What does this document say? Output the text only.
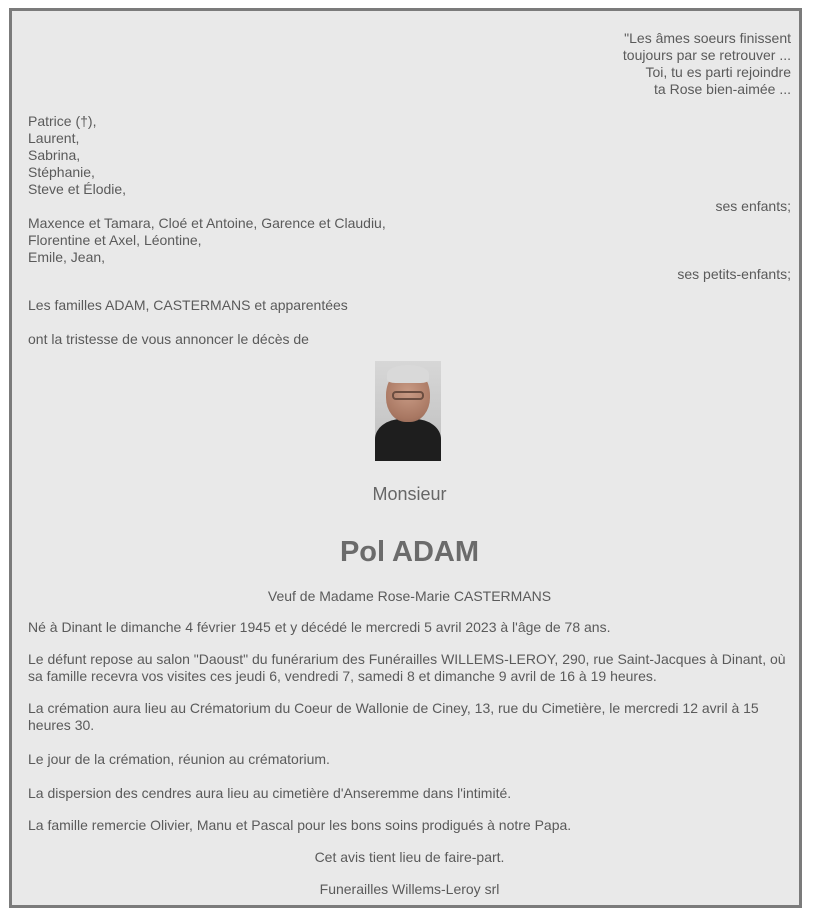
"Les âmes soeurs finissent
toujours par se retrouver ...
Toi, tu es parti rejoindre
ta Rose bien-aimée ...
Patrice (†),
Laurent,
Sabrina,
Stéphanie,
Steve et Élodie,
ses enfants;
Maxence et Tamara, Cloé et Antoine, Garence et Claudiu,
Florentine et Axel, Léontine,
Emile, Jean,
ses petits-enfants;
Les familles ADAM, CASTERMANS et apparentées
ont la tristesse de vous annoncer le décès de
Monsieur
Pol ADAM
Veuf de Madame Rose-Marie CASTERMANS
Né à Dinant le dimanche 4 février 1945 et y décédé le mercredi 5 avril 2023 à l'âge de 78 ans.
Le défunt repose au salon "Daoust" du funérarium des Funérailles WILLEMS-LEROY, 290, rue Saint-Jacques à Dinant, où sa famille recevra vos visites ces jeudi 6, vendredi 7, samedi 8 et dimanche 9 avril de 16 à 19 heures.
La crémation aura lieu au Crématorium du Coeur de Wallonie de Ciney, 13, rue du Cimetière, le mercredi 12 avril à 15 heures 30.
Le jour de la crémation, réunion au crématorium.
La dispersion des cendres aura lieu au cimetière d'Anseremme dans l'intimité.
La famille remercie Olivier, Manu et Pascal pour les bons soins prodigués à notre Papa.
Cet avis tient lieu de faire-part.
Funerailles Willems-Leroy srl
